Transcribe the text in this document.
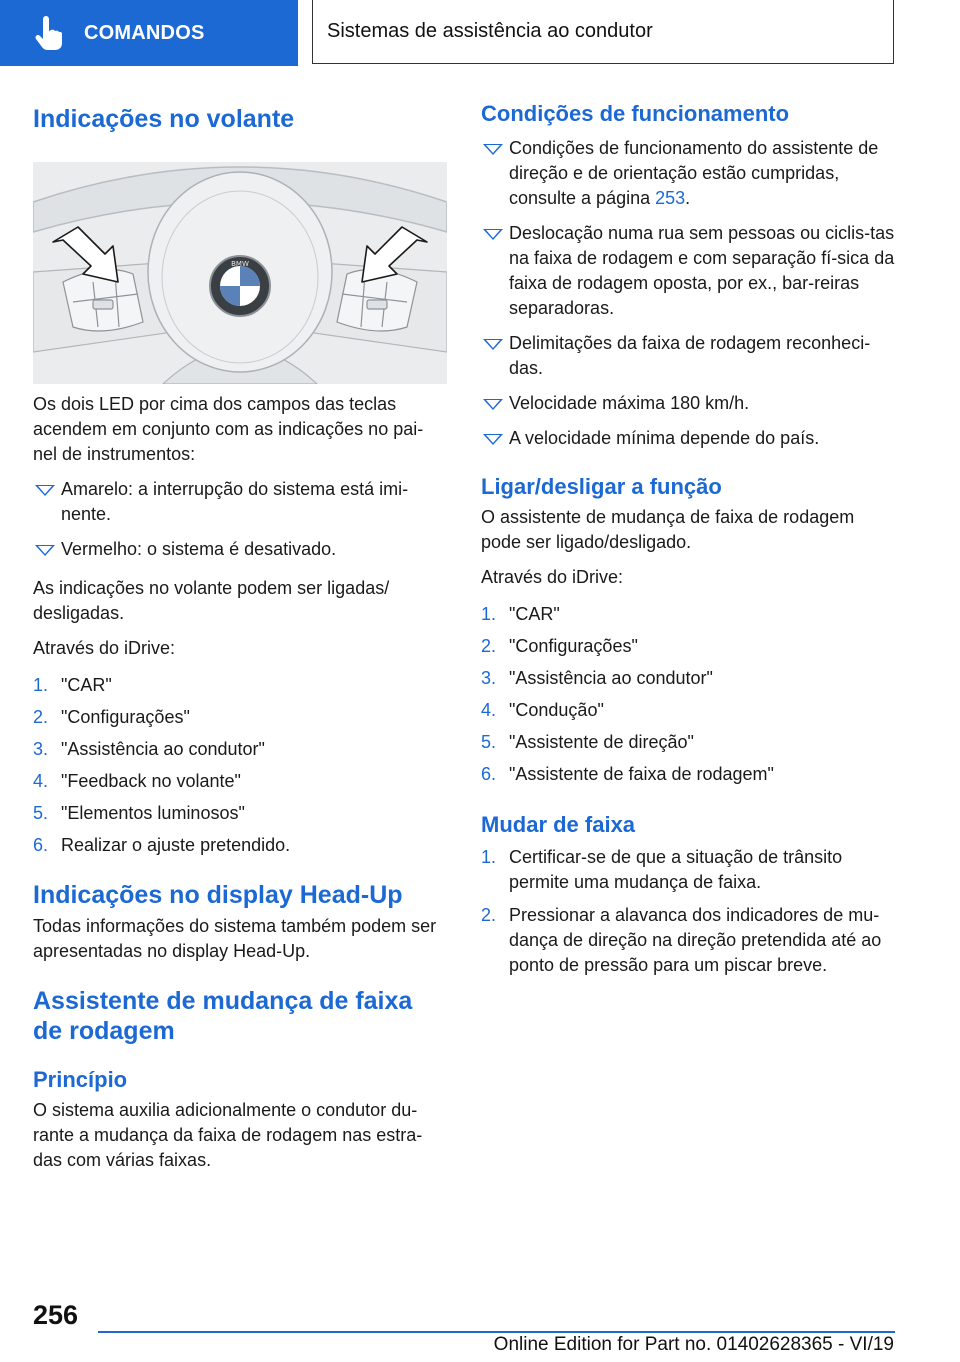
COMANDOS	Sistemas de assistência ao condutor
Indicações no volante
BMW

Os dois LED por cima dos campos das teclas acendem em conjunto com as indicações no pai-nel de instrumentos:

Amarelo: a interrupção do sistema está imi-nente.
Vermelho: o sistema é desativado.

As indicações no volante podem ser ligadas/ desligadas.

Através do iDrive:

1. "CAR"
2. "Configurações"
3. "Assistência ao condutor"
4. "Feedback no volante"
5. "Elementos luminosos"
6. Realizar o ajuste pretendido.
Indicações no display Head-Up

Todas informações do sistema também podem ser apresentadas no display Head-Up.

Assistente de mudança de faixa de rodagem
Princípio

O sistema auxilia adicionalmente o condutor du-rante a mudança da faixa de rodagem nas estra-das com várias faixas.

Condições de funcionamento
Condições de funcionamento do assistente de direção e de orientação estão cumpridas, consulte a página 253.
Deslocação numa rua sem pessoas ou ciclis-tas na faixa de rodagem e com separação fí-sica da faixa de rodagem oposta, por ex., bar-reiras separadoras.
Delimitações da faixa de rodagem reconheci-das.
Velocidade máxima 180 km/h.
A velocidade mínima depende do país.
Ligar/desligar a função

O assistente de mudança de faixa de rodagem pode ser ligado/desligado.

Através do iDrive:

1. "CAR"
2. "Configurações"
3. "Assistência ao condutor"
4. "Condução"
5. "Assistente de direção"
6. "Assistente de faixa de rodagem"
Mudar de faixa
1. Certificar-se de que a situação de trânsito permite uma mudança de faixa.
2. Pressionar a alavanca dos indicadores de mu-dança de direção na direção pretendida até ao ponto de pressão para um piscar breve.
256
Online Edition for Part no. 01402628365 - VI/19
